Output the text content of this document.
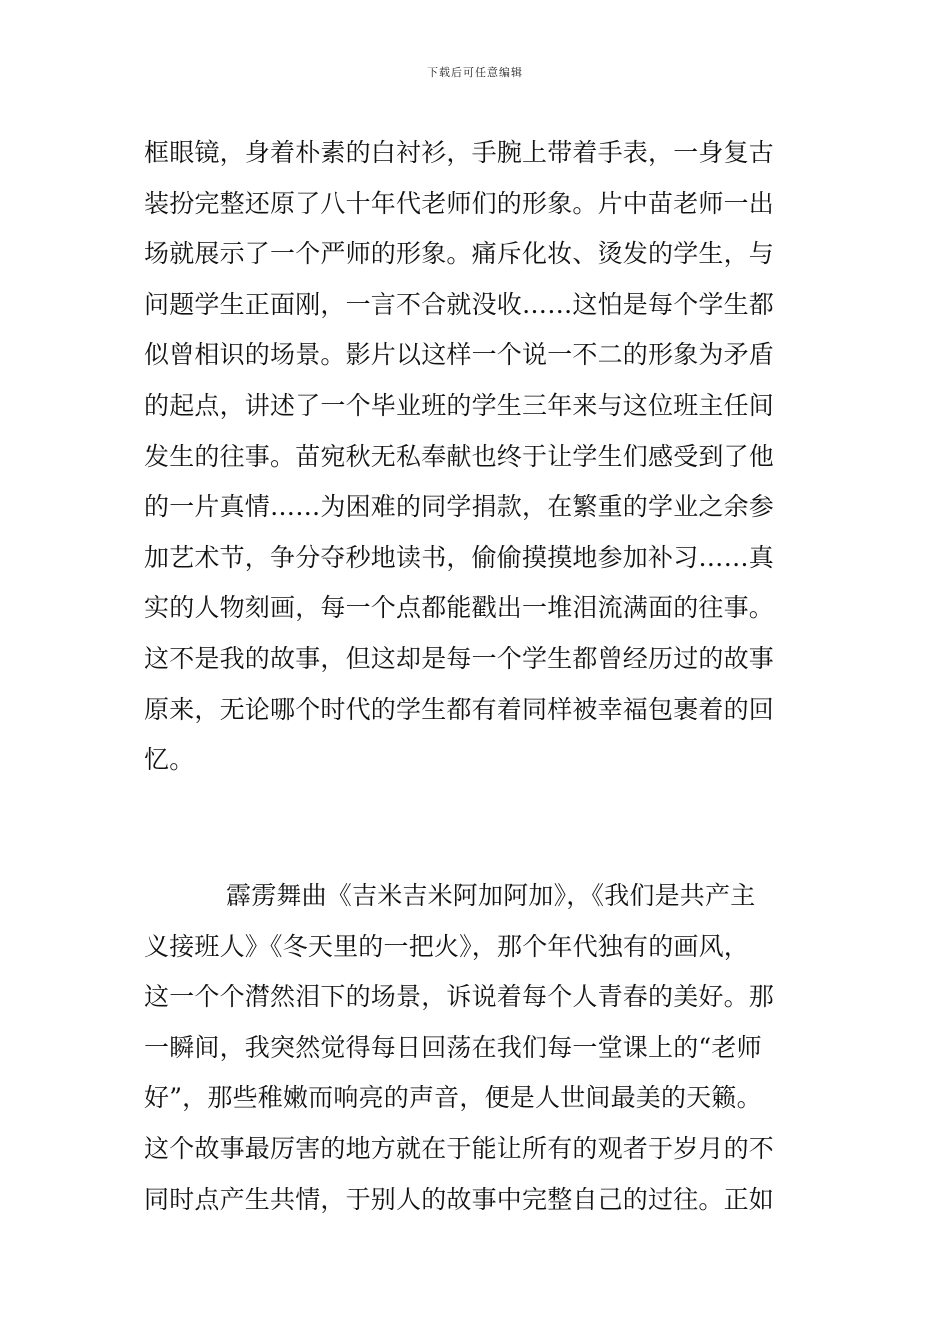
下载后可任意编辑
框眼镜，身着朴素的白衬衫，手腕上带着手表，一身复古
装扮完整还原了八十年代老师们的形象。片中苗老师一出
场就展示了一个严师的形象。痛斥化妆、烫发的学生，与
问题学生正面刚，一言不合就没收……这怕是每个学生都
似曾相识的场景。影片以这样一个说一不二的形象为矛盾
的起点，讲述了一个毕业班的学生三年来与这位班主任间
发生的往事。苗宛秋无私奉献也终于让学生们感受到了他
的一片真情……为困难的同学捐款，在繁重的学业之余参
加艺术节，争分夺秒地读书，偷偷摸摸地参加补习……真
实的人物刻画，每一个点都能戳出一堆泪流满面的往事。
这不是我的故事，但这却是每一个学生都曾经历过的故事
原来，无论哪个时代的学生都有着同样被幸福包裹着的回
忆。
霹雳舞曲《吉米吉米阿加阿加》，《我们是共产主
义接班人》《冬天里的一把火》，那个年代独有的画风，
这一个个潸然泪下的场景，诉说着每个人青春的美好。那
一瞬间，我突然觉得每日回荡在我们每一堂课上的“老师
好”，那些稚嫩而响亮的声音，便是人世间最美的天籁。
这个故事最厉害的地方就在于能让所有的观者于岁月的不
同时点产生共情，于别人的故事中完整自己的过往。正如
